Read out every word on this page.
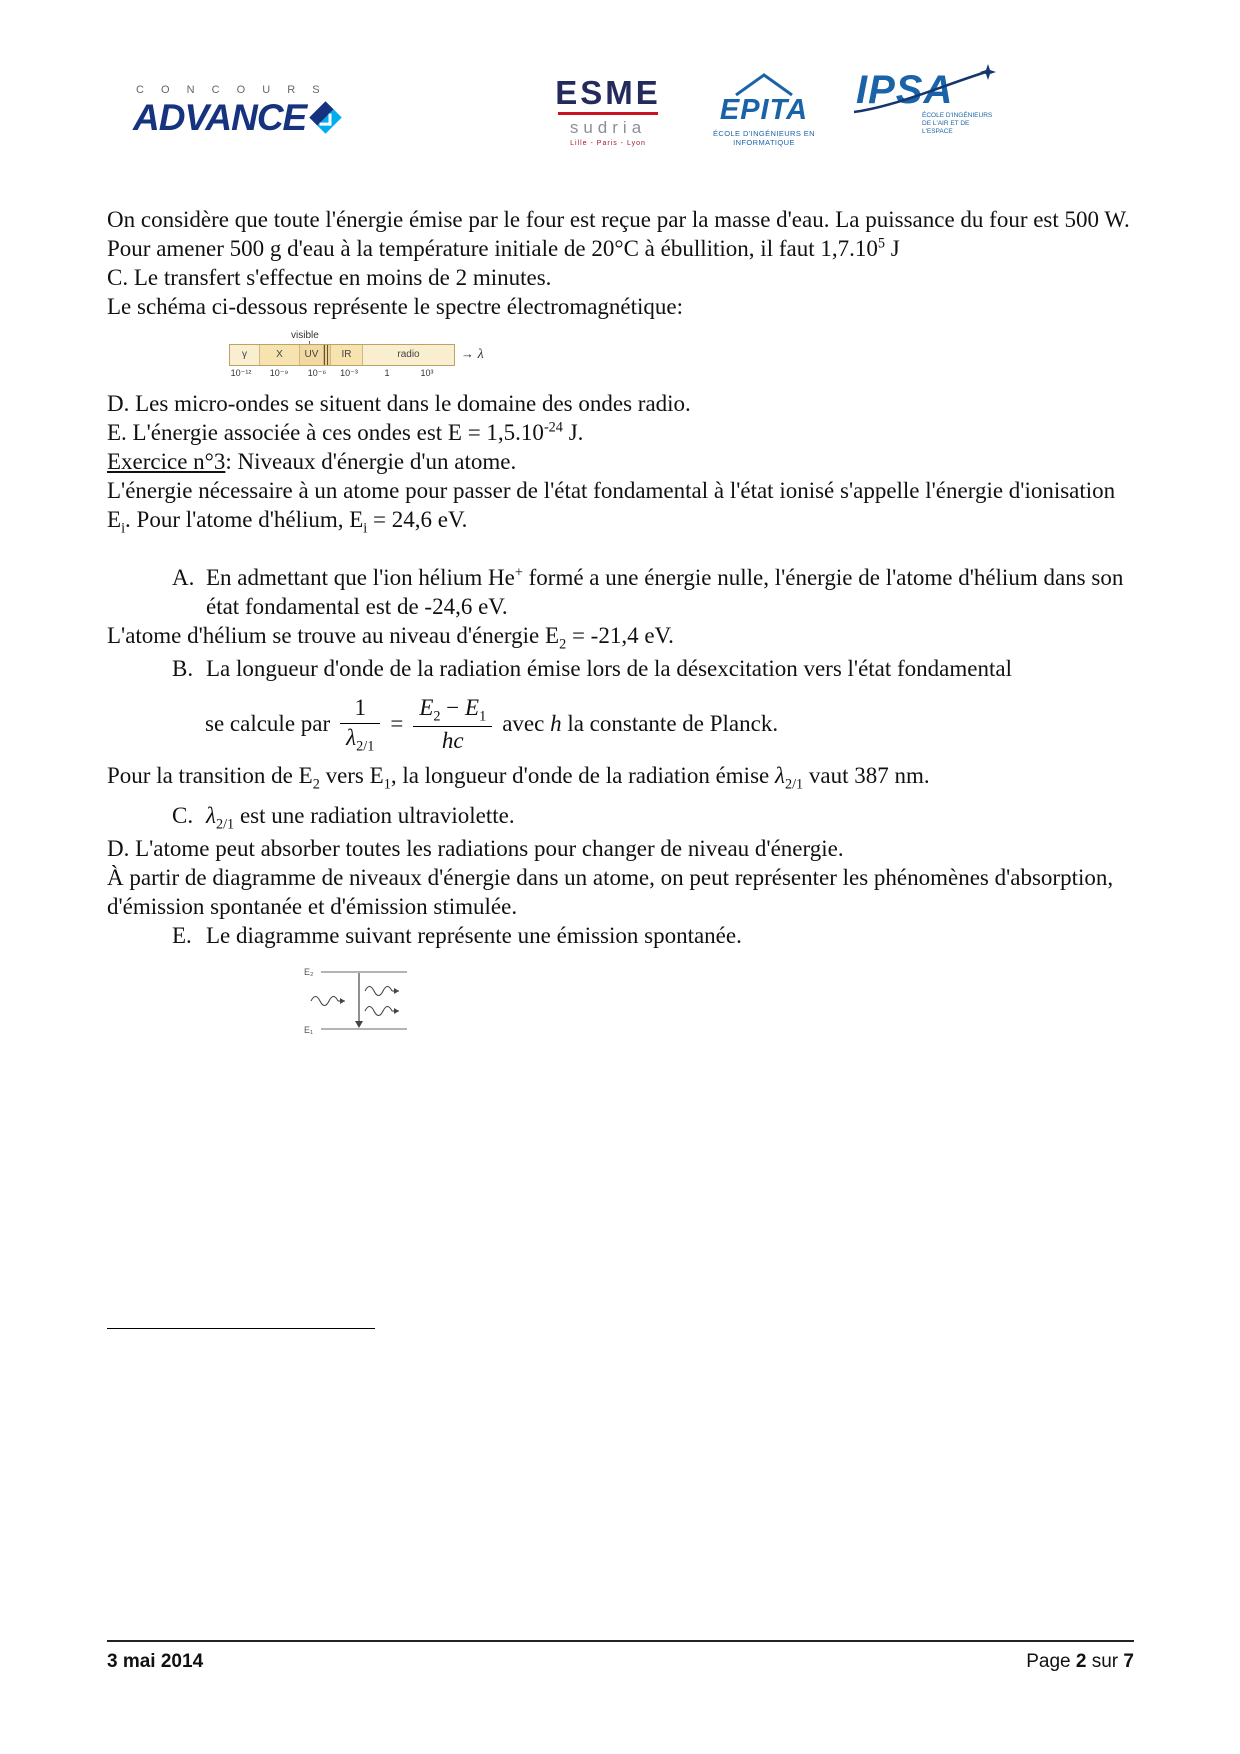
C O N C O U R S
ADVANCE
ESME
sudria
Lille - Paris - Lyon
EPITA
ÉCOLE D'INGÉNIEURS EN INFORMATIQUE
IPSA
ÉCOLE D'INGÉNIEURS DE L'AIR ET DE L'ESPACE

On considère que toute l'énergie émise par le four est reçue par la masse d'eau. La puissance du four est 500 W. Pour amener 500 g d'eau à la température initiale de 20°C à ébullition, il faut 1,7.10$^5$ J

C. Le transfert s'effectue en moins de 2 minutes.

Le schéma ci-dessous représente le spectre électromagnétique:

visible
γ	X	UV	IR	radio	→ λ
10⁻¹² 10⁻⁹ 10⁻⁶ 10⁻³	1	10³

D. Les micro-ondes se situent dans le domaine des ondes radio.

E. L'énergie associée à ces ondes est $E = 1,5.10^{-24}$ J.

Exercice n°3: Niveaux d'énergie d'un atome.

L'énergie nécessaire à un atome pour passer de l'état fondamental à l'état ionisé s'appelle l'énergie d'ionisation $E_i$. Pour l'atome d'hélium, $E_i = 24,6$ eV.

A. En admettant que l'ion hélium He+ formé a une énergie nulle, l'énergie de l'atome d'hélium dans son état fondamental est de -24,6 eV.

L'atome d'hélium se trouve au niveau d'énergie $E_2 = -21,4$ eV.

B. La longueur d'onde de la radiation émise lors de la désexcitation vers l'état fondamental
se calcule par $\frac{1}{\lambda_{2/1}} = \frac{E_2 - E_1}{hc}$ avec h la constante de Planck.

Pour la transition de $E_2$ vers $E_1$, la longueur d'onde de la radiation émise $\lambda_{2/1}$ vaut 387 nm.

C. $\lambda_{2/1}$ est une radiation ultraviolette.

D. L'atome peut absorber toutes les radiations pour changer de niveau d'énergie.

À partir de diagramme de niveaux d'énergie dans un atome, on peut représenter les phénomènes d'absorption, d'émission spontanée et d'émission stimulée.

E. Le diagramme suivant représente une émission spontanée.
E₂
E₁
3 mai 2014	Page 2 sur 7
